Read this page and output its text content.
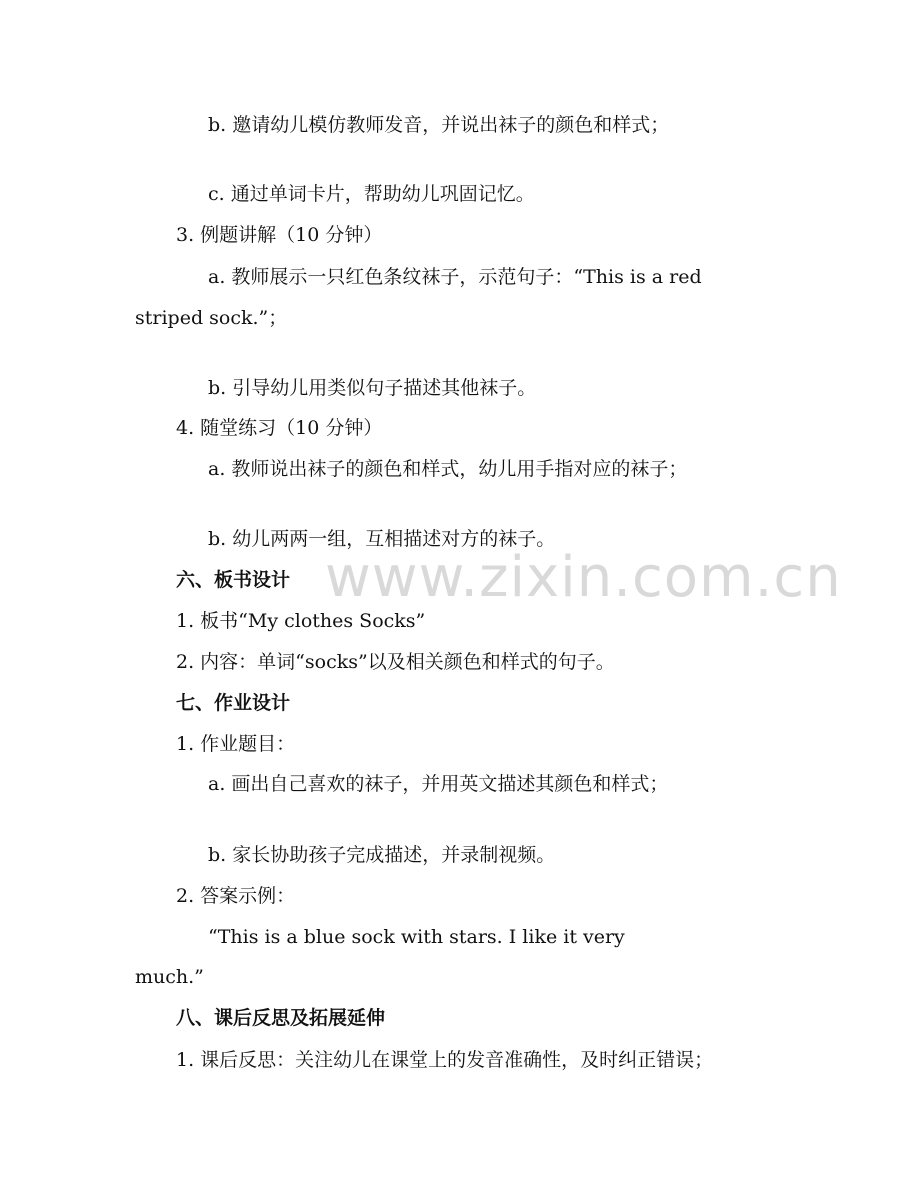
www.zixin.com.cn
b. 邀请幼儿模仿教师发音，并说出袜子的颜色和样式；
c. 通过单词卡片，帮助幼儿巩固记忆。
3. 例题讲解（10 分钟）
a. 教师展示一只红色条纹袜子，示范句子：“This is a red
striped sock.”；
b. 引导幼儿用类似句子描述其他袜子。
4. 随堂练习（10 分钟）
a. 教师说出袜子的颜色和样式，幼儿用手指对应的袜子；
b. 幼儿两两一组，互相描述对方的袜子。
六、板书设计
1. 板书“My clothes Socks”
2. 内容：单词“socks”以及相关颜色和样式的句子。
七、作业设计
1. 作业题目：
a. 画出自己喜欢的袜子，并用英文描述其颜色和样式；
b. 家长协助孩子完成描述，并录制视频。
2. 答案示例：
“This is a blue sock with stars. I like it very
much.”
八、课后反思及拓展延伸
1. 课后反思：关注幼儿在课堂上的发音准确性，及时纠正错误；
